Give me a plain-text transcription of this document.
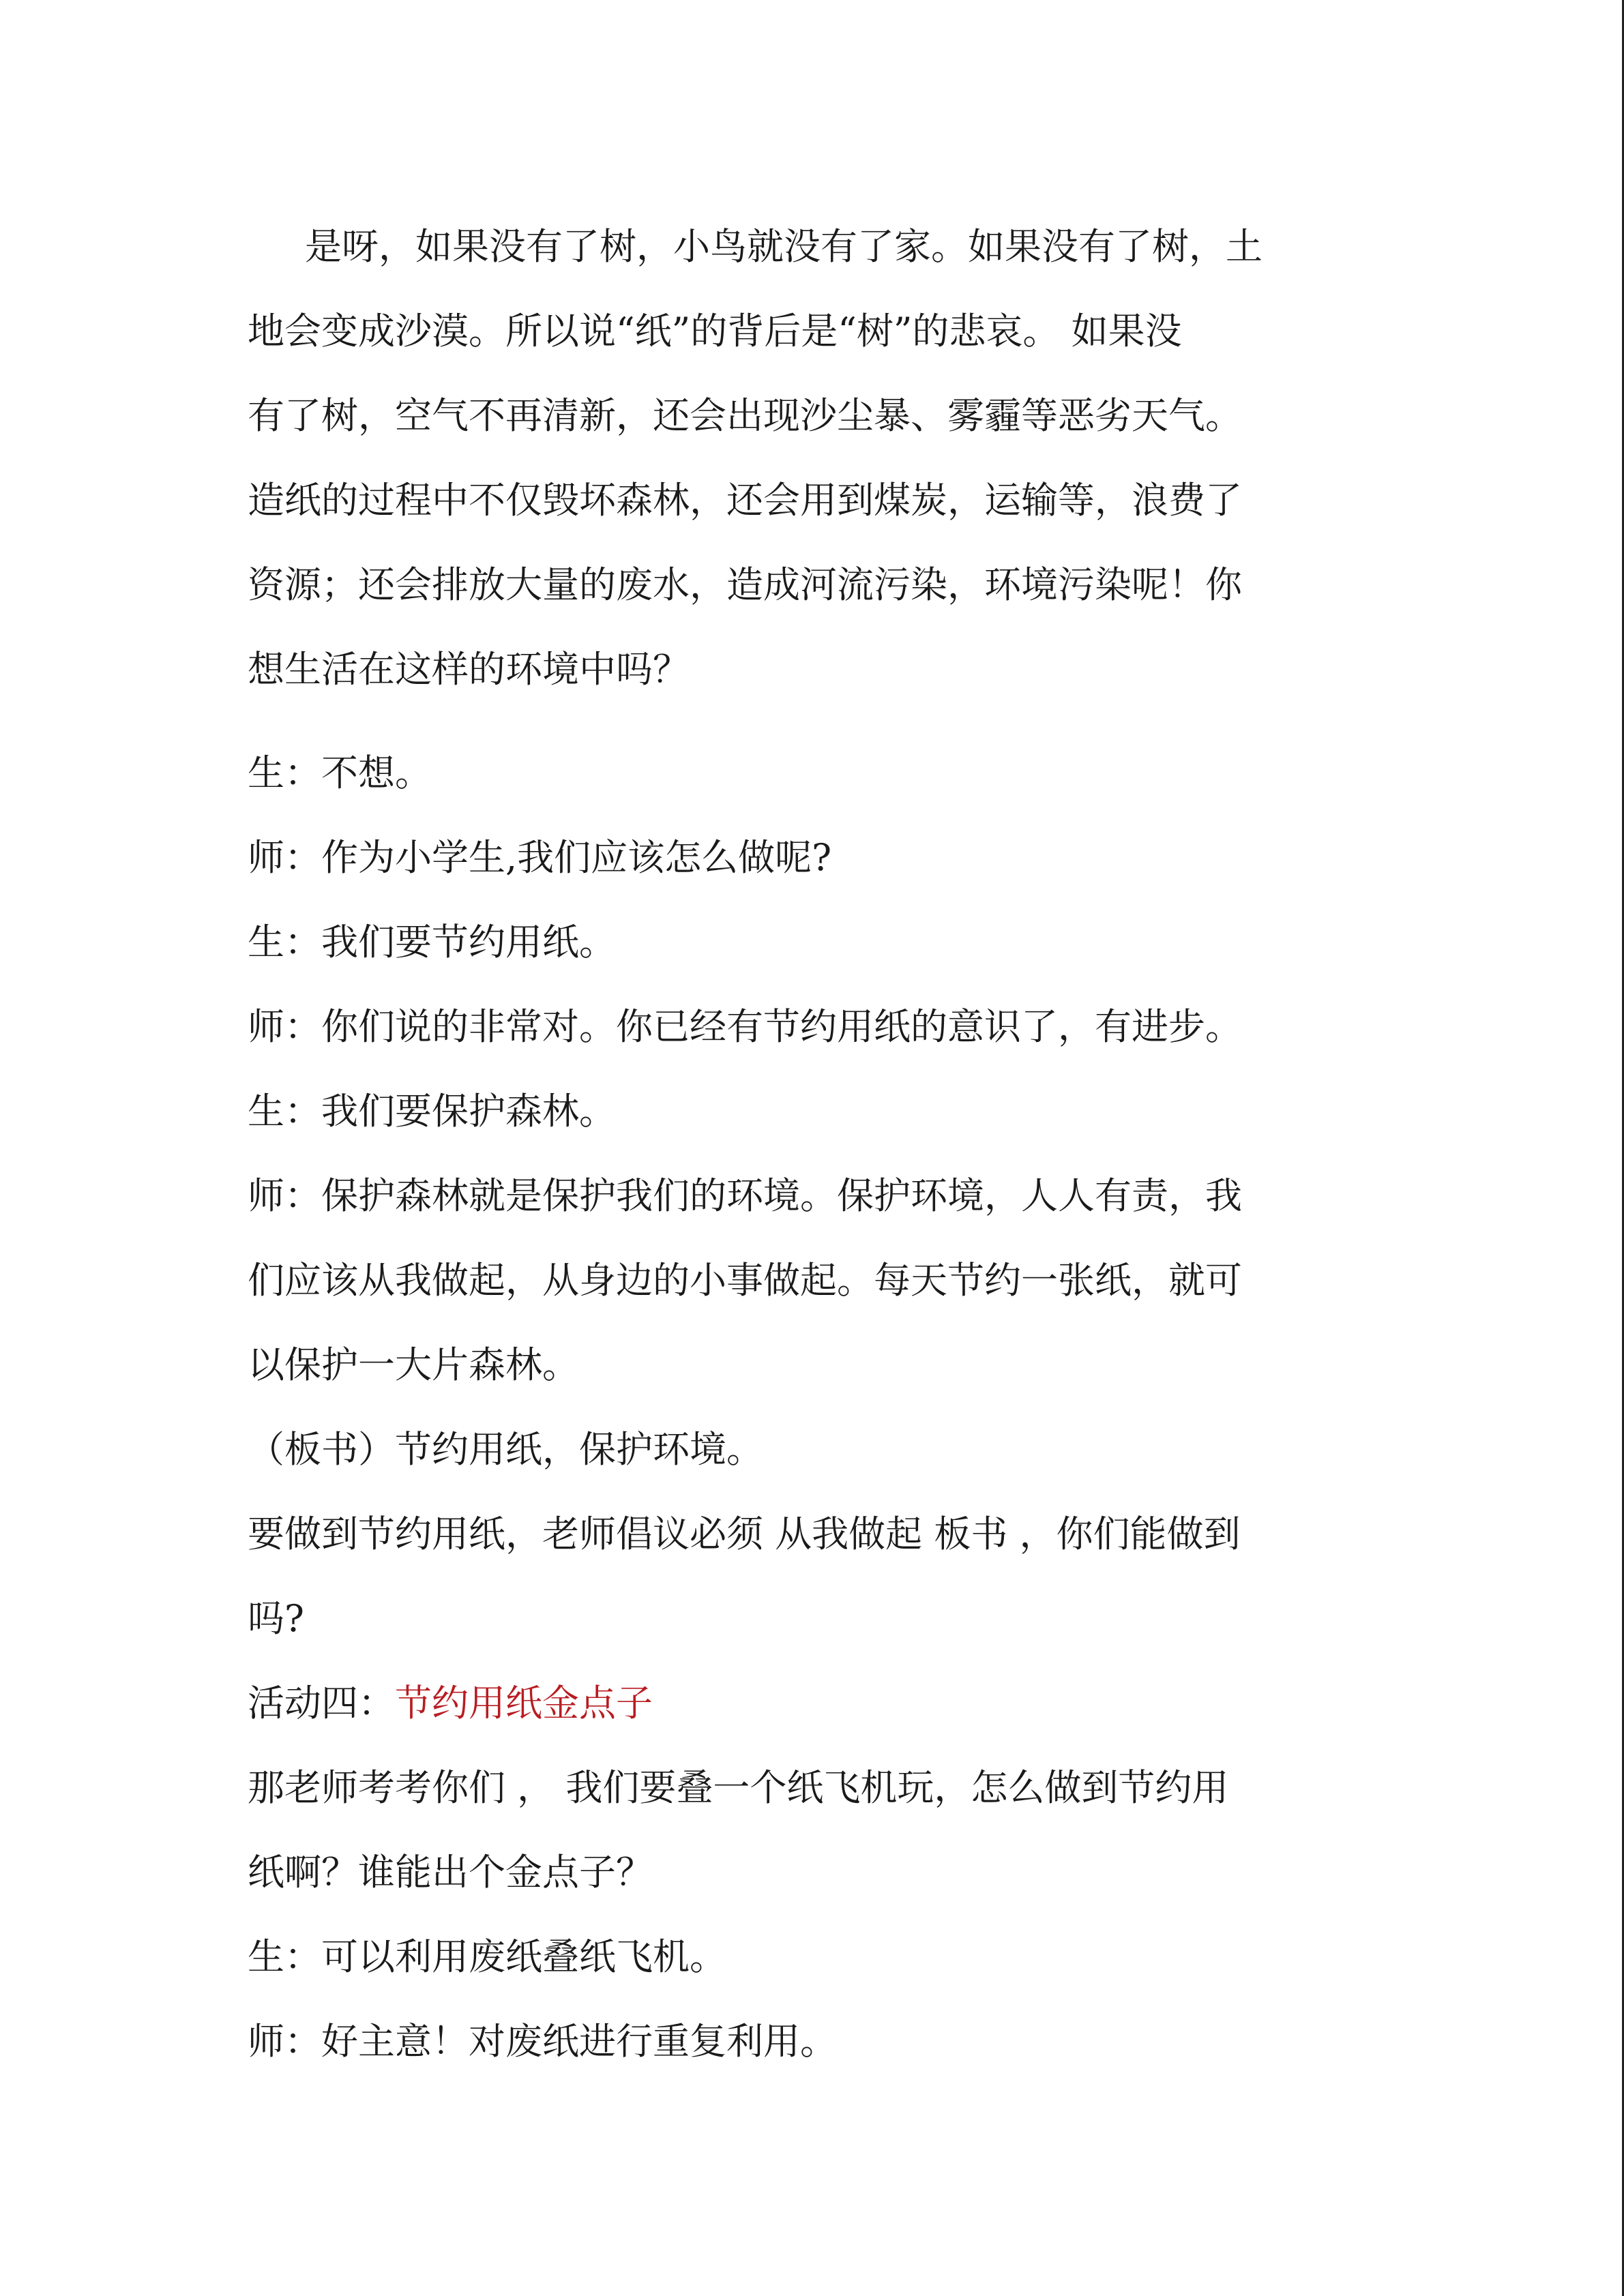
是呀，如果没有了树，小鸟就没有了家。如果没有了树，土
地会变成沙漠。所以说“纸”的背后是“树”的悲哀。 如果没
有了树，空气不再清新，还会出现沙尘暴、雾霾等恶劣天气。
造纸的过程中不仅毁坏森林，还会用到煤炭，运输等，浪费了
资源；还会排放大量的废水，造成河流污染，环境污染呢！你
想生活在这样的环境中吗？

生：不想。

师：作为小学生,我们应该怎么做呢?

生：我们要节约用纸。

师：你们说的非常对。你已经有节约用纸的意识了，有进步。

生：我们要保护森林。

师：保护森林就是保护我们的环境。保护环境，人人有责，我
们应该从我做起，从身边的小事做起。每天节约一张纸，就可
以保护一大片森林。

（板书）节约用纸，保护环境。

要做到节约用纸，老师倡议必须 从我做起 板书 ，你们能做到
吗?

活动四：节约用纸金点子

那老师考考你们 ， 我们要叠一个纸飞机玩，怎么做到节约用
纸啊？谁能出个金点子？

生：可以利用废纸叠纸飞机。

师：好主意！对废纸进行重复利用。
